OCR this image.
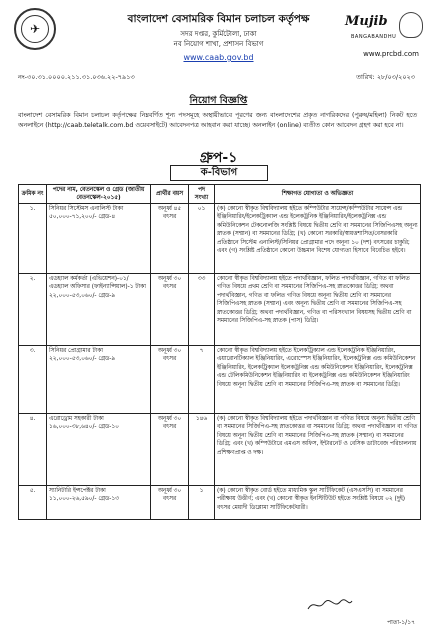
✈
বাংলাদেশ বেসামরিক বিমান চলাচল কর্তৃপক্ষ
সদর দপ্তর, কুর্মিটোলা, ঢাকা
নব নিয়োগ শাখা, প্রশাসন বিভাগ
www.caab.gov.bd
Mujib
BANGABANDHU
www.prcbd.com
নং-৩০.৩১.০০০০.২১১.৩১.০৩৬.২২-৭৯১৩	তারিখ: ২৮/০৩/২০২৩
নিয়োগ বিজ্ঞপ্তি
বাংলাদেশ বেসামরিক বিমান চলাচল কর্তৃপক্ষের নিম্নবর্ণিত শূন্য পদসমূহে অস্থায়ীভাবে পূরণের জন্য বাংলাদেশের প্রকৃত নাগরিকদের (পুরুষ/মহিলা) নিকট হতে অনলাইনে (http://caab.teletalk.com.bd ওয়েবসাইটে) আবেদনপত্র আহবান করা যাচ্ছে। অনলাইন (online) ব্যতীত কোন আবেদন গ্রহণ করা হবে না।
গ্রুপ-১
ক-বিভাগ
ক্রমিক নং	পদের নাম, বেতনস্কেল ও গ্রেড (জাতীয় বেতনস্কেল-২০১৫)	প্রার্থীর বয়স	পদ সংখ্যা	শিক্ষাগত যোগ্যতা ও অভিজ্ঞতা
১.	সিনিয়র সিস্টেমস এনালিস্ট টাকা ৫০,০০০-৭১,২০০/- গ্রেড-৪	অনূর্ধ্ব ৪৫ বৎসর	০১	(ক) কোনো স্বীকৃত বিশ্ববিদ্যালয় হইতে কম্পিউটার সায়েন্স/কম্পিউটার সায়েন্স এন্ড ইঞ্জিনিয়ারিং/ইলেকট্রিক্যাল এন্ড ইলেকট্রনিক ইঞ্জিনিয়ারিং/ইলেকট্রনিক্স এন্ড কমিউনিকেশন টেকনোলজি সংশ্লিষ্ট বিষয়ে দ্বিতীয় শ্রেণি বা সমমানের সিজিপিএসহ অনূন্য স্নাতক (সম্মান) বা সমমানের ডিগ্রি; (খ) কোনো সরকারি/স্বায়ত্তশাসিত/বেসরকারি প্রতিষ্ঠানে সিস্টেম এনালিস্ট/সিনিয়র প্রোগ্রামার পদে অনূন্য ১০ (দশ) বৎসরের চাকুরি; এবং (গ) সংশ্লিষ্ট প্রতিষ্ঠানে কোনো উচ্চমান বিশেষ যোগ্যতা হিসাবে বিবেচিত হইবে।
২.	এডহ্যাল কর্মকর্তা (এভিয়েশন)-০১/ এডহ্যাল অফিসার (ফাইন্যান্সিয়াল)-১ টাকা ২২,০০০-৫৩,০৬০/- গ্রেড-৯	অনূর্ধ্ব ৩০ বৎসর	৩৩	কোনো স্বীকৃত বিশ্ববিদ্যালয় হইতে পদার্থবিজ্ঞান, ফলিত পদার্থবিজ্ঞান, গণিত বা ফলিত গণিত বিষয়ে প্রথম শ্রেণি বা সমমানের সিজিপিএ-সহ স্নাতকোত্তর ডিগ্রি; অথবা পদার্থবিজ্ঞান, গণিত বা ফলিত গণিত বিষয়ে অনূন্য দ্বিতীয় শ্রেণি বা সমমানের সিজিপিএসহ স্নাতক (সম্মান) এবং অনূন্য দ্বিতীয় শ্রেণি বা সমমানের সিজিপিএ-সহ স্নাতকোত্তর ডিগ্রি; অথবা পদার্থবিজ্ঞান, গণিত বা পরিসংখ্যান বিষয়সহ দ্বিতীয় শ্রেণি বা সমমানের সিজিপিএ-সহ স্নাতক (পাস) ডিগ্রি।
৩.	সিনিয়র প্রোগ্রামার টাকা ২২,০০০-৫৩,০৬০/- গ্রেড-৯	অনূর্ধ্ব ৩০ বৎসর	৭	কোনো স্বীকৃত বিশ্ববিদ্যালয় হইতে ইলেকট্রিক্যাল এন্ড ইলেকট্রনিক ইঞ্জিনিয়ারিং, এয়ারোনটিক্যাল ইঞ্জিনিয়ারিং, এরোস্পেস ইঞ্জিনিয়ারিং, ইলেকট্রনিক্স এন্ড কমিউনিকেশন ইঞ্জিনিয়ারিং, ইলেকট্রিক্যাল ইলেকট্রনিক্স এন্ড কমিউনিকেশন ইঞ্জিনিয়ারিং, ইলেকট্রনিক্স এন্ড টেলিকমিউনিকেশন ইঞ্জিনিয়ারিং বা ইলেকট্রনিক্স এন্ড কমিউনিকেশন ইঞ্জিনিয়ারিং বিষয়ে অনূন্য দ্বিতীয় শ্রেণি বা সমমানের সিজিপিএ-সহ স্নাতক বা সমমানের ডিগ্রি।
৪.	এরোড্রোম সহকারী টাকা ১৬,০০০-৩৮,৬৪০/- গ্রেড-১০	অনূর্ধ্ব ৩০ বৎসর	১৪৬	(ক) কোনো স্বীকৃত বিশ্ববিদ্যালয় হইতে পদার্থবিজ্ঞান বা গণিত বিষয়ে অনূন্য দ্বিতীয় শ্রেণি বা সমমানের সিজিপিএ-সহ স্নাতকোত্তর বা সমমানের ডিগ্রি; অথবা পদার্থবিজ্ঞান বা গণিত বিষয়ে অনূন্য দ্বিতীয় শ্রেণি বা সমমানের সিজিপিএ-সহ স্নাতক (সম্মান) বা সমমানের ডিগ্রি; এবং (খ) কম্পিউটারে এমএস অফিস, ইন্টারনেট ও বেসিক ডাটাবেজ পরিচালনায় প্রশিক্ষণপ্রাপ্ত ও দক্ষ।
৫.	স্যানিটারি ইন্সপেক্টর টাকা ১১,০০০-২৬,৫৯০/- গ্রেড-১৩	অনূর্ধ্ব ৩০ বৎসর	১	(ক) কোনো স্বীকৃত বোর্ড হইতে মাধ্যমিক স্কুল সার্টিফিকেট (এসএসসি) বা সমমানের পরীক্ষায় উত্তীর্ণ; এবং (খ) কোনো স্বীকৃত ইনস্টিটিউট হইতে সংশ্লিষ্ট বিষয়ে ০২ (দুই) বৎসর মেয়াদী ডিপ্লোমা সার্টিফিকেটধারী।
পাতা-১/১৭
